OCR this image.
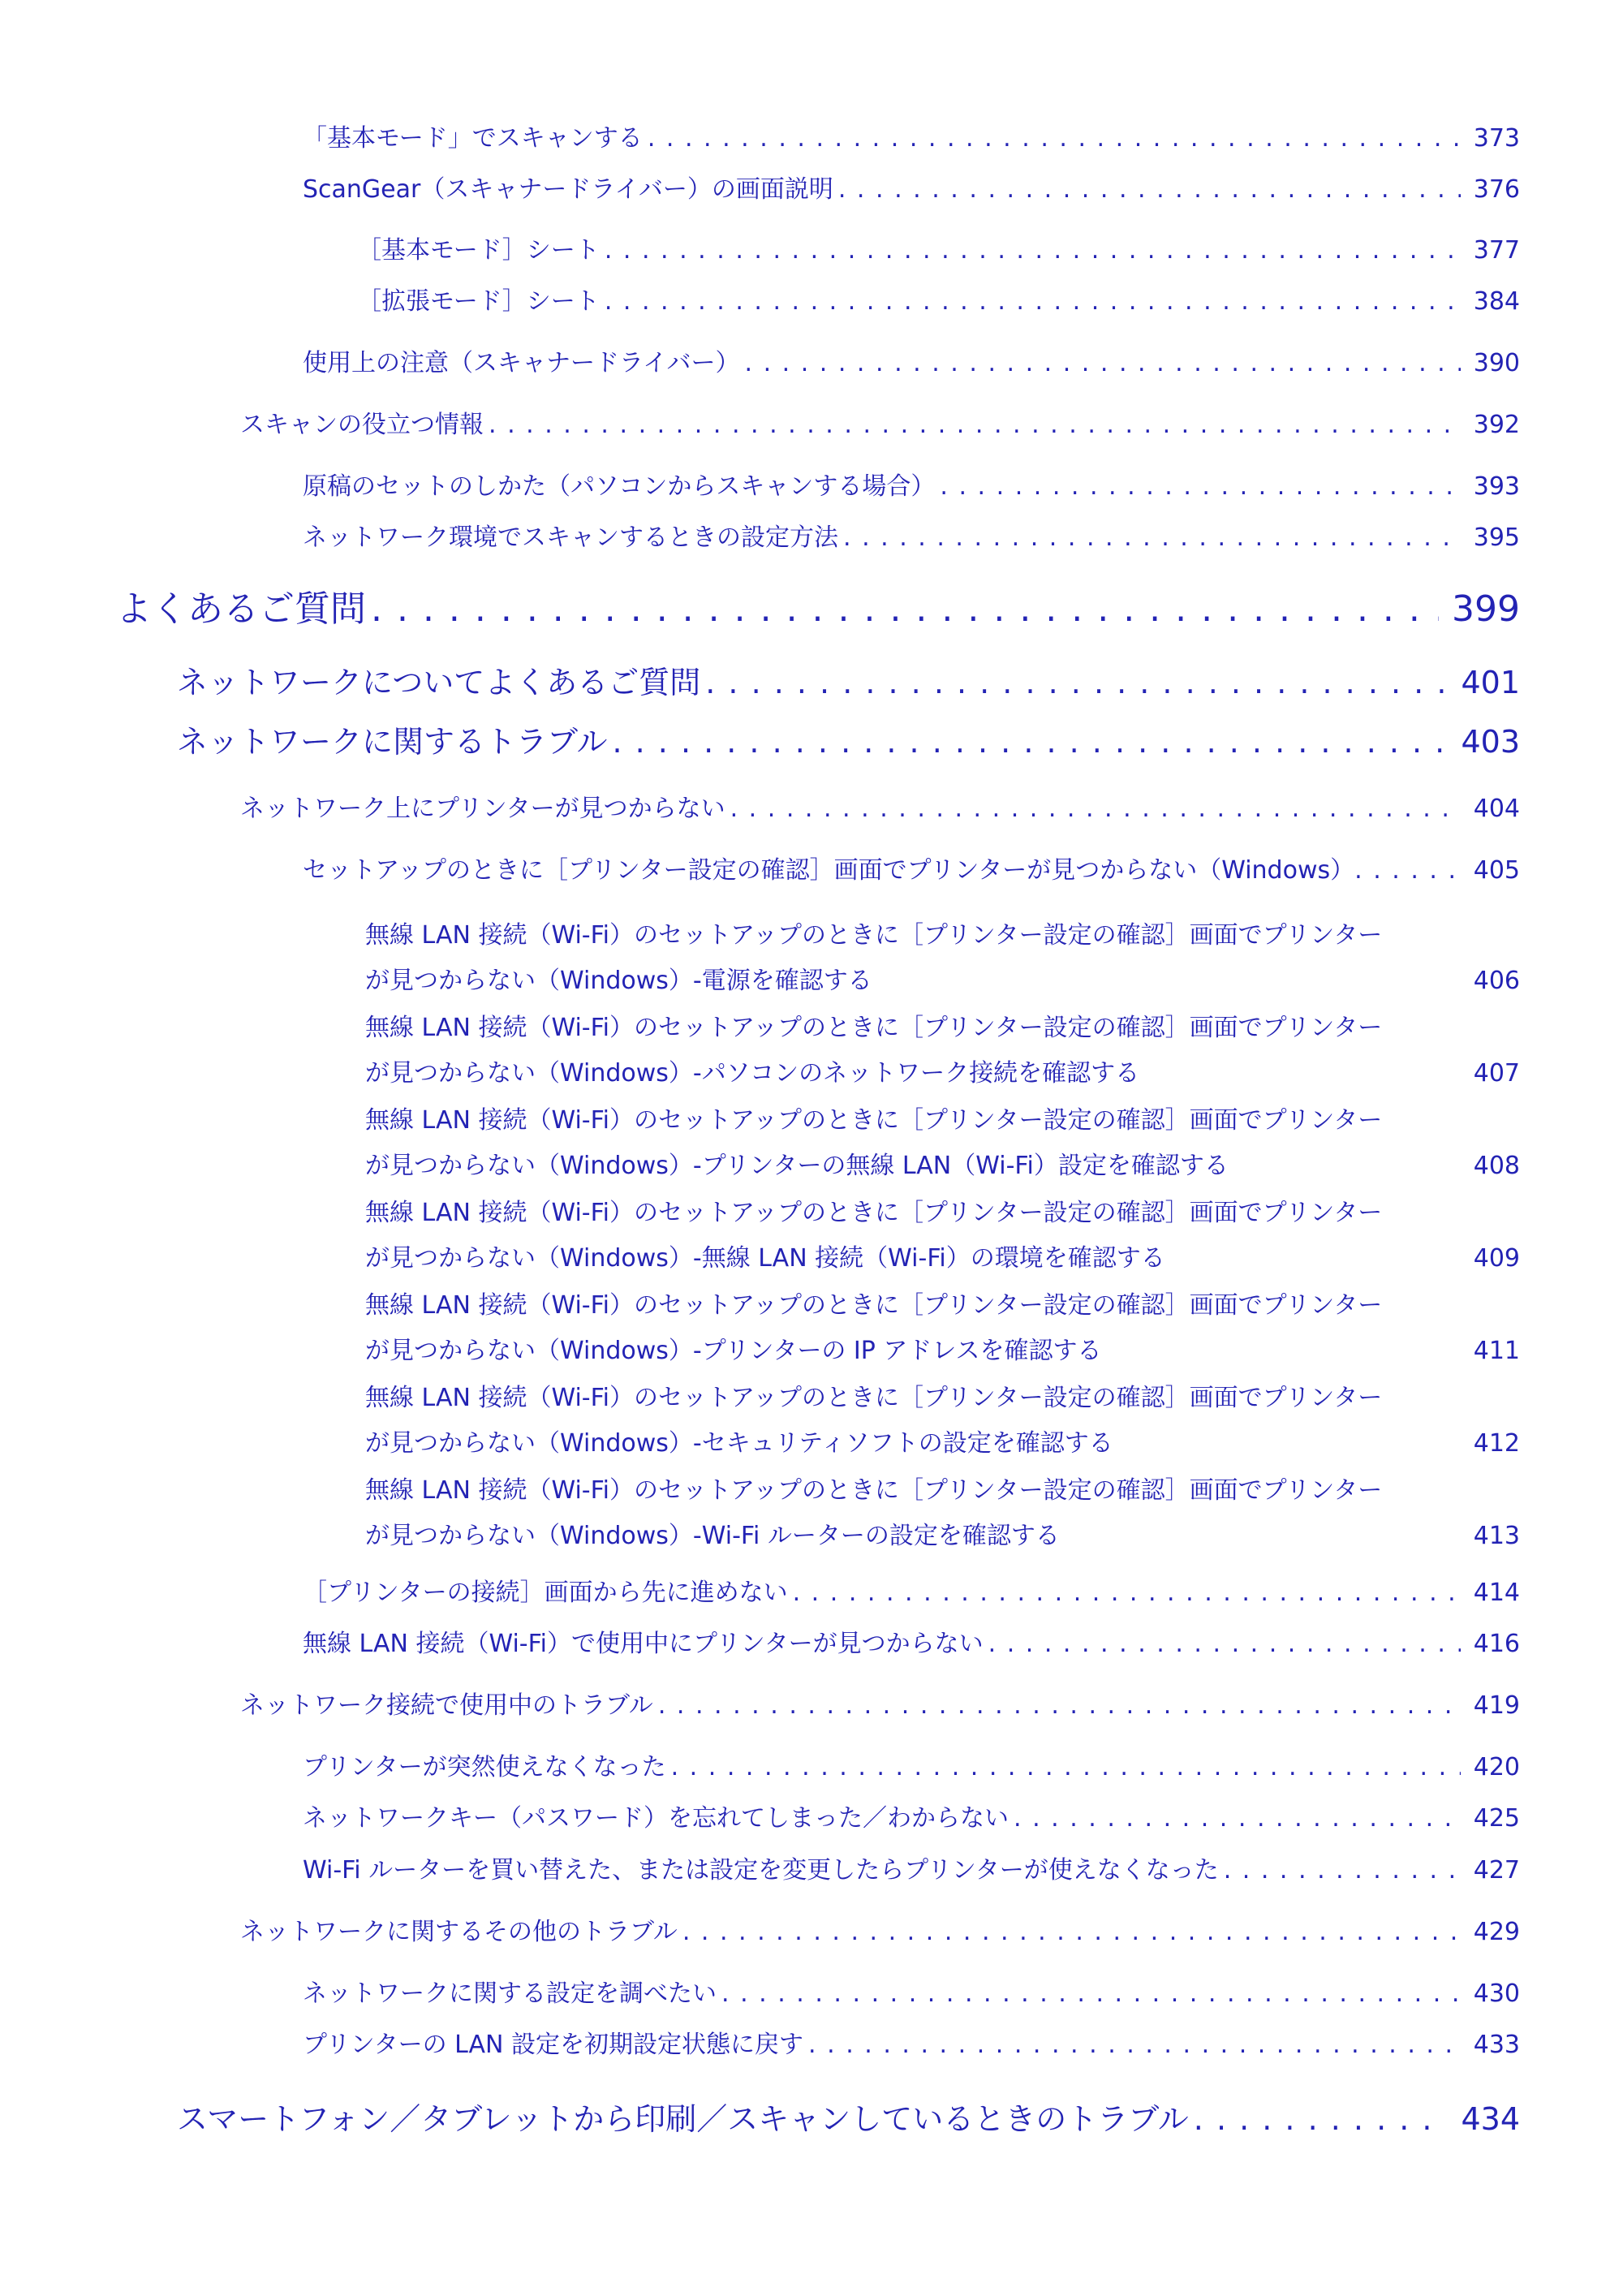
「基本モード」でスキャンする . . .	373
ScanGear（スキャナードライバー）の画面説明 . . .	376
［基本モード］シート . . .	377
［拡張モード］シート . . .	384
使用上の注意（スキャナードライバー） . . .	390
スキャンの役立つ情報 . . .	392
原稿のセットのしかた（パソコンからスキャンする場合） . . .	393
ネットワーク環境でスキャンするときの設定方法 . . .	395
よくあるご質問 . . .	399
ネットワークについてよくあるご質問 . . .	401
ネットワークに関するトラブル . . .	403
ネットワーク上にプリンターが見つからない . . .	404
セットアップのときに［プリンター設定の確認］画面でプリンターが見つからない（Windows） . . .	405
無線 LAN 接続（Wi-Fi）のセットアップのときに［プリンター設定の確認］画面でプリンター
が見つからない（Windows）-電源を確認する	406
無線 LAN 接続（Wi-Fi）のセットアップのときに［プリンター設定の確認］画面でプリンター
が見つからない（Windows）-パソコンのネットワーク接続を確認する	407
無線 LAN 接続（Wi-Fi）のセットアップのときに［プリンター設定の確認］画面でプリンター
が見つからない（Windows）-プリンターの無線 LAN（Wi-Fi）設定を確認する	408
無線 LAN 接続（Wi-Fi）のセットアップのときに［プリンター設定の確認］画面でプリンター
が見つからない（Windows）-無線 LAN 接続（Wi-Fi）の環境を確認する	409
無線 LAN 接続（Wi-Fi）のセットアップのときに［プリンター設定の確認］画面でプリンター
が見つからない（Windows）-プリンターの IP アドレスを確認する	411
無線 LAN 接続（Wi-Fi）のセットアップのときに［プリンター設定の確認］画面でプリンター
が見つからない（Windows）-セキュリティソフトの設定を確認する	412
無線 LAN 接続（Wi-Fi）のセットアップのときに［プリンター設定の確認］画面でプリンター
が見つからない（Windows）-Wi-Fi ルーターの設定を確認する	413
［プリンターの接続］画面から先に進めない . . .	414
無線 LAN 接続（Wi-Fi）で使用中にプリンターが見つからない . . .	416
ネットワーク接続で使用中のトラブル . . .	419
プリンターが突然使えなくなった . . .	420
ネットワークキー（パスワード）を忘れてしまった／わからない . . .	425
Wi-Fi ルーターを買い替えた、または設定を変更したらプリンターが使えなくなった . . .	427
ネットワークに関するその他のトラブル . . .	429
ネットワークに関する設定を調べたい . . .	430
プリンターの LAN 設定を初期設定状態に戻す . . .	433
スマートフォン／タブレットから印刷／スキャンしているときのトラブル . . .	434
